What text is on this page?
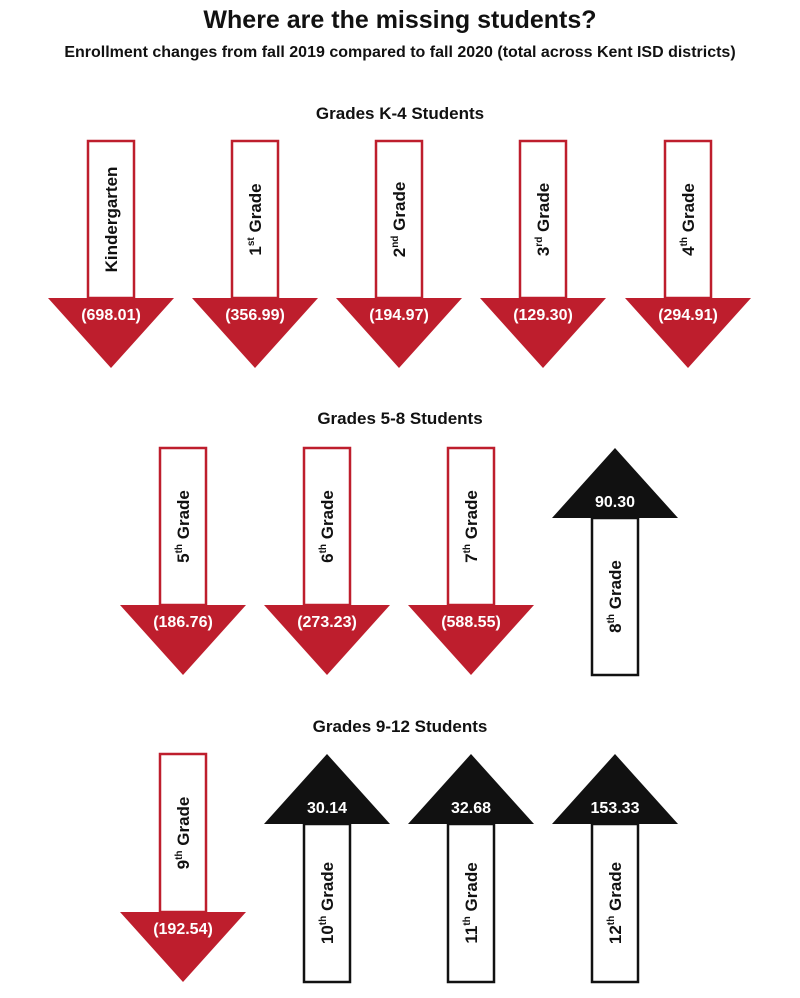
Where are the missing students?

Enrollment changes from fall 2019 compared to fall 2020 (total across Kent ISD districts)

Grades K-4 Students

Grades 5-8 Students

Grades 9-12 Students

(698.01)
Kindergarten
(356.99)
1st Grade
(194.97)
2nd Grade
(129.30)
3rd Grade
(294.91)
4th Grade
(186.76)
5th Grade
(273.23)
6th Grade
(588.55)
7th Grade	90.30
8th Grade
(192.54)
9th Grade	30.14
10th Grade
32.68
11th Grade
153.33
12th Grade
